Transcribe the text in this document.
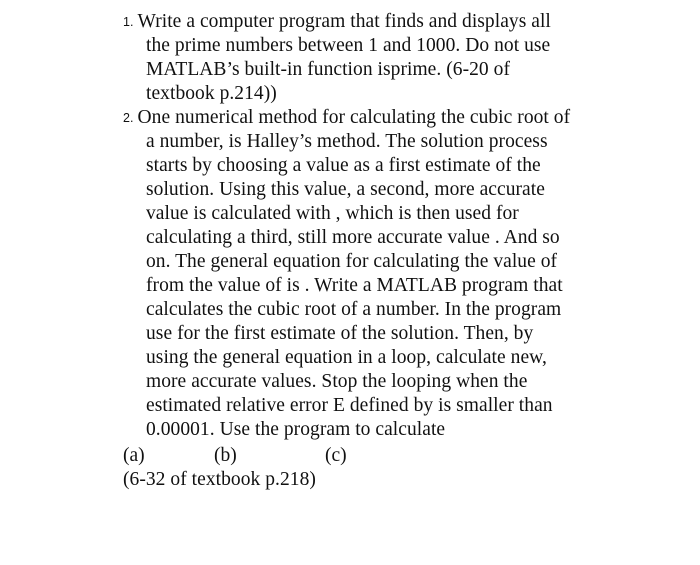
1. Write a computer program that finds and displays all
the prime numbers between 1 and 1000. Do not use
MATLAB’s built-in function isprime. (6-20 of
textbook p.214))
2. One numerical method for calculating the cubic root of
a number, is Halley’s method. The solution process
starts by choosing a value as a first estimate of the
solution. Using this value, a second, more accurate
value is calculated with , which is then used for
calculating a third, still more accurate value . And so
on. The general equation for calculating the value of
from the value of is . Write a MATLAB program that
calculates the cubic root of a number. In the program
use for the first estimate of the solution. Then, by
using the general equation in a loop, calculate new,
more accurate values. Stop the looping when the
estimated relative error E defined by is smaller than
0.00001. Use the program to calculate
(a)	(b)	(c)
(6-32 of textbook p.218)
